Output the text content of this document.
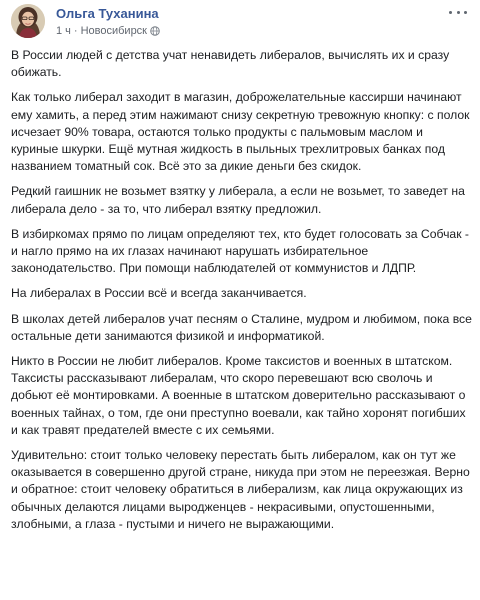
Ольга Туханина
1 ч · Новосибирск

В России людей с детства учат ненавидеть либералов, вычислять их и сразу обижать.

Как только либерал заходит в магазин, доброжелательные кассирши начинают ему хамить, а перед этим нажимают снизу секретную тревожную кнопку: с полок исчезает 90% товара, остаются только продукты с пальмовым маслом и куриные шкурки. Ещё мутная жидкость в пыльных трехлитровых банках под названием томатный сок. Всё это за дикие деньги без скидок.

Редкий гаишник не возьмет взятку у либерала, а если не возьмет, то заведет на либерала дело - за то, что либерал взятку предложил.

В избиркомах прямо по лицам определяют тех, кто будет голосовать за Собчак - и нагло прямо на их глазах начинают нарушать избирательное законодательство. При помощи наблюдателей от коммунистов и ЛДПР.

На либералах в России всё и всегда заканчивается.

В школах детей либералов учат песням о Сталине, мудром и любимом, пока все остальные дети занимаются физикой и информатикой.

Никто в России не любит либералов. Кроме таксистов и военных в штатском. Таксисты рассказывают либералам, что скоро перевешают всю сволочь и добьют её монтировками. А военные в штатском доверительно рассказывают о военных тайнах, о том, где они преступно воевали, как тайно хоронят погибших и как травят предателей вместе с их семьями.

Удивительно: стоит только человеку перестать быть либералом, как он тут же оказывается в совершенно другой стране, никуда при этом не переезжая. Верно и обратное: стоит человеку обратиться в либерализм, как лица окружающих из обычных делаются лицами выродженцев - некрасивыми, опустошенными, злобными, а глаза - пустыми и ничего не выражающими.
